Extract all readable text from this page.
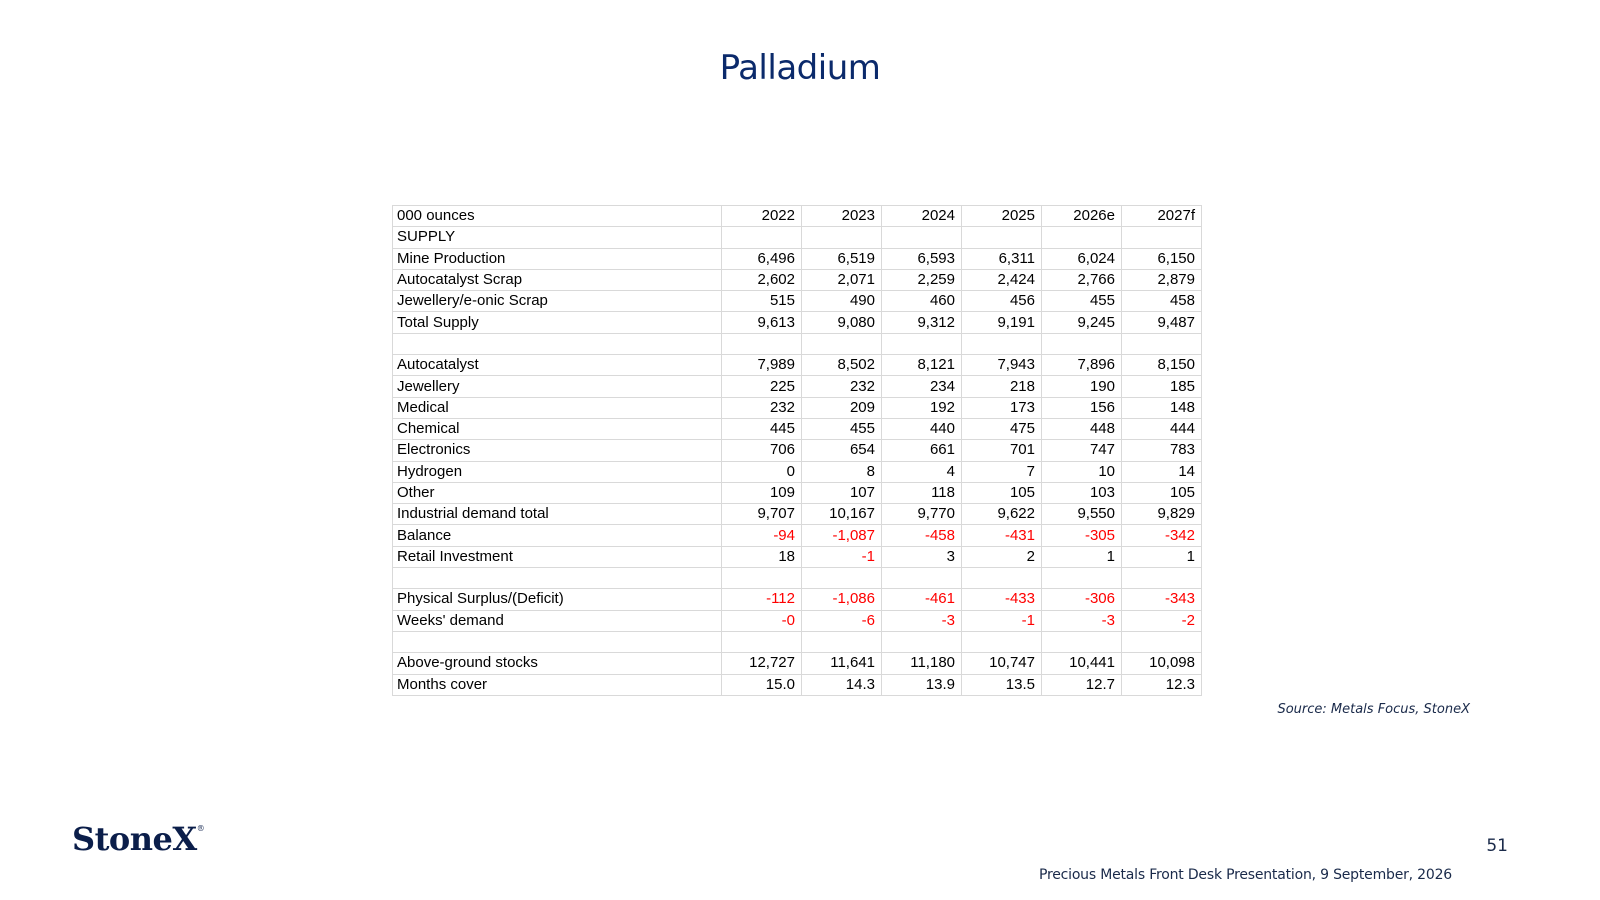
Palladium
000 ounces	2022	2023	2024	2025	2026e	2027f
SUPPLY						
Mine Production	6,496	6,519	6,593	6,311	6,024	6,150
Autocatalyst Scrap	2,602	2,071	2,259	2,424	2,766	2,879
Jewellery/e-onic Scrap	515	490	460	456	455	458
Total Supply	9,613	9,080	9,312	9,191	9,245	9,487

Autocatalyst	7,989	8,502	8,121	7,943	7,896	8,150
Jewellery	225	232	234	218	190	185
Medical	232	209	192	173	156	148
Chemical	445	455	440	475	448	444
Electronics	706	654	661	701	747	783
Hydrogen	0	8	4	7	10	14
Other	109	107	118	105	103	105
Industrial demand total	9,707	10,167	9,770	9,622	9,550	9,829
Balance	-94	-1,087	-458	-431	-305	-342
Retail Investment	18	-1	3	2	1	1

Physical Surplus/(Deficit)	-112	-1,086	-461	-433	-306	-343
Weeks' demand	-0	-6	-3	-1	-3	-2

Above-ground stocks	12,727	11,641	11,180	10,747	10,441	10,098
Months cover	15.0	14.3	13.9	13.5	12.7	12.3
Source: Metals Focus, StoneX
StoneX®
51
Precious Metals Front Desk Presentation, 9 September, 2026
